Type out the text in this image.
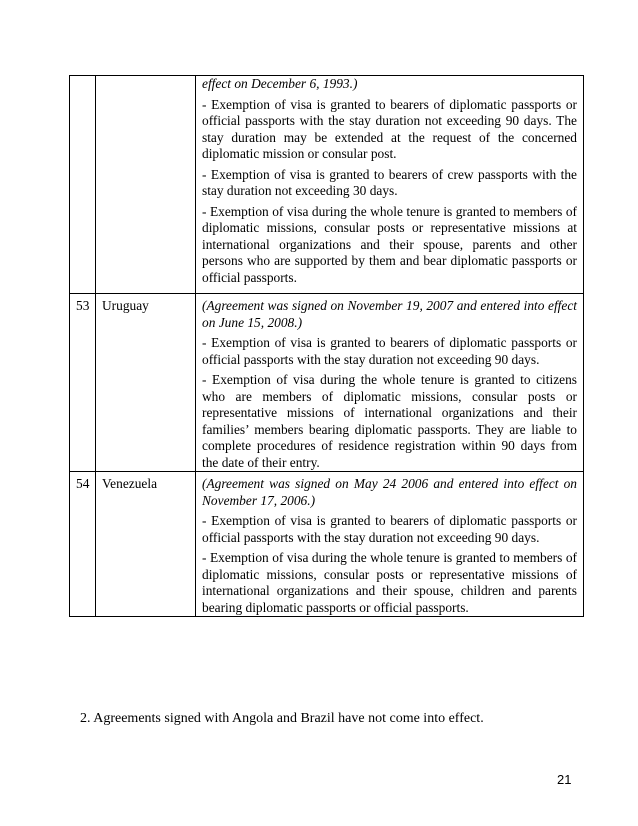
		effect on December 6, 1993.)

- Exemption of visa is granted to bearers of diplomatic passports or official passports with the stay duration not exceeding 90 days. The stay duration may be extended at the request of the concerned diplomatic mission or consular post.

- Exemption of visa is granted to bearers of crew passports with the stay duration not exceeding 30 days.

- Exemption of visa during the whole tenure is granted to members of diplomatic missions, consular posts or representative missions at international organizations and their spouse, parents and other persons who are supported by them and bear diplomatic passports or official passports.

53	Uruguay	(Agreement was signed on November 19, 2007 and entered into effect on June 15, 2008.)

- Exemption of visa is granted to bearers of diplomatic passports or official passports with the stay duration not exceeding 90 days.

- Exemption of visa during the whole tenure is granted to citizens who are members of diplomatic missions, consular posts or representative missions of international organizations and their families’ members bearing diplomatic passports. They are liable to complete procedures of residence registration within 90 days from the date of their entry.

54	Venezuela	(Agreement was signed on May 24 2006 and entered into effect on November 17, 2006.)

- Exemption of visa is granted to bearers of diplomatic passports or official passports with the stay duration not exceeding 90 days.

- Exemption of visa during the whole tenure is granted to members of diplomatic missions, consular posts or representative missions of international organizations and their spouse, children and parents bearing diplomatic passports or official passports.

2. Agreements signed with Angola and Brazil have not come into effect.

21
